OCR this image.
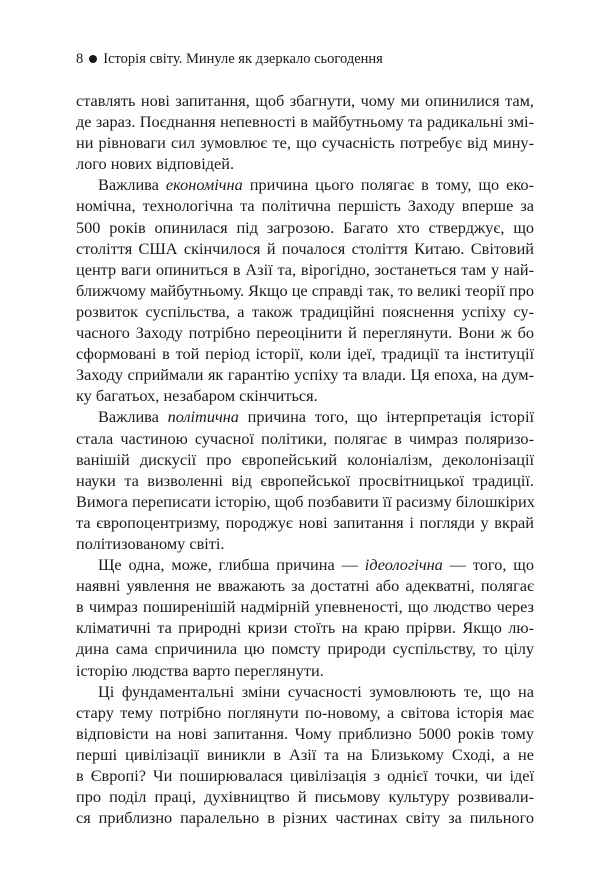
8 Історія світу. Минуле як дзеркало сьогодення
ставлять нові запитання, щоб збагнути, чому ми опинилися там,
де зараз. Поєднання непевності в майбутньому та радикальні змі-
ни рівноваги сил зумовлює те, що сучасність потребує від мину-
лого нових відповідей.
Важлива економічна причина цього полягає в тому, що еко-
номічна, технологічна та політична першість Заходу вперше за
500 років опинилася під загрозою. Багато хто стверджує, що
століття США скінчилося й почалося століття Китаю. Світовий
центр ваги опиниться в Азії та, вірогідно, зостанеться там у най-
ближчому майбутньому. Якщо це справді так, то великі теорії про
розвиток суспільства, а також традиційні пояснення успіху су-
часного Заходу потрібно переоцінити й переглянути. Вони ж бо
сформовані в той період історії, коли ідеї, традиції та інституції
Заходу сприймали як гарантію успіху та влади. Ця епоха, на дум-
ку багатьох, незабаром скінчиться.
Важлива політична причина того, що інтерпретація історії
стала частиною сучасної політики, полягає в чимраз поляризо-
ванішій дискусії про європейський колоніалізм, деколонізації
науки та визволенні від європейської просвітницької традиції.
Вимога переписати історію, щоб позбавити її расизму білошкірих
та європоцентризму, породжує нові запитання і погляди у вкрай
політизованому світі.
Ще одна, може, глибша причина — ідеологічна — того, що
наявні уявлення не вважають за достатні або адекватні, полягає
в чимраз поширенішій надмірній упевненості, що людство через
кліматичні та природні кризи стоїть на краю прірви. Якщо лю-
дина сама спричинила цю помсту природи суспільству, то цілу
історію людства варто переглянути.
Ці фундаментальні зміни сучасності зумовлюють те, що на
стару тему потрібно поглянути по-новому, а світова історія має
відповісти на нові запитання. Чому приблизно 5000 років тому
перші цивілізації виникли в Азії та на Близькому Сході, а не
в Європі? Чи поширювалася цивілізація з однієї точки, чи ідеї
про поділ праці, духівництво й письмову культуру розвивали-
ся приблизно паралельно в різних частинах світу за пильного
